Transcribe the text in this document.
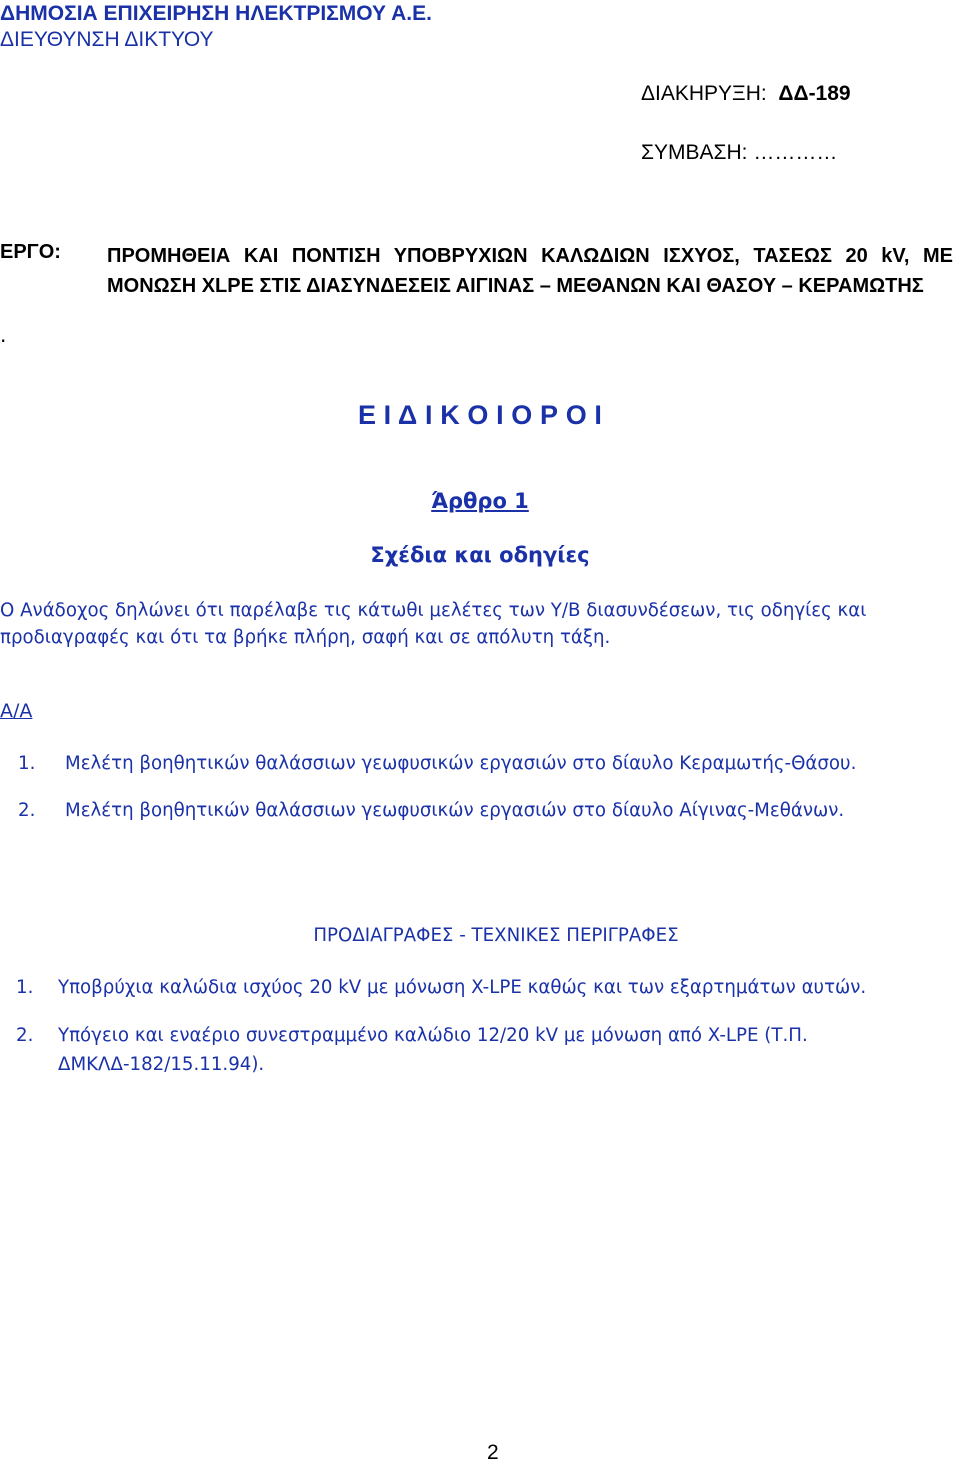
ΔΗΜΟΣΙΑ ΕΠΙΧΕΙΡΗΣΗ ΗΛΕΚΤΡΙΣΜΟΥ Α.Ε.
ΔΙΕΥΘΥΝΣΗ ΔΙΚΤΥΟΥ
ΔΙΑΚΗΡΥΞΗ: ΔΔ-189
ΣΥΜΒΑΣΗ: …………
ΕΡΓΟ: ΠΡΟΜΗΘΕΙΑ ΚΑΙ ΠΟΝΤΙΣΗ ΥΠΟΒΡΥΧΙΩΝ ΚΑΛΩΔΙΩΝ ΙΣΧΥΟΣ, ΤΑΣΕΩΣ 20 kV, ΜΕ ΜΟΝΩΣΗ XLPE ΣΤΙΣ ΔΙΑΣΥΝΔΕΣΕΙΣ ΑΙΓΙΝΑΣ – ΜΕΘΑΝΩΝ ΚΑΙ ΘΑΣΟΥ – ΚΕΡΑΜΩΤΗΣ
.
Ε Ι Δ Ι Κ Ο Ι Ο Ρ Ο Ι
Άρθρο 1
Σχέδια και οδηγίες
Ο Ανάδοχος δηλώνει ότι παρέλαβε τις κάτωθι μελέτες των Υ/Β διασυνδέσεων, τις οδηγίες και προδιαγραφές και ότι τα βρήκε πλήρη, σαφή και σε απόλυτη τάξη.
Α/Α
1. Μελέτη βοηθητικών θαλάσσιων γεωφυσικών εργασιών στο δίαυλο Κεραμωτής-Θάσου.
2. Μελέτη βοηθητικών θαλάσσιων γεωφυσικών εργασιών στο δίαυλο Αίγινας-Μεθάνων.
ΠΡΟΔΙΑΓΡΑΦΕΣ - ΤΕΧΝΙΚΕΣ ΠΕΡΙΓΡΑΦΕΣ
1. Υποβρύχια καλώδια ισχύος 20 kV με μόνωση X-LPE καθώς και των εξαρτημάτων αυτών.
2. Υπόγειο και εναέριο συνεστραμμένο καλώδιο 12/20 kV με μόνωση από X-LPE (Τ.Π.
ΔΜΚΛΔ-182/15.11.94).
2
